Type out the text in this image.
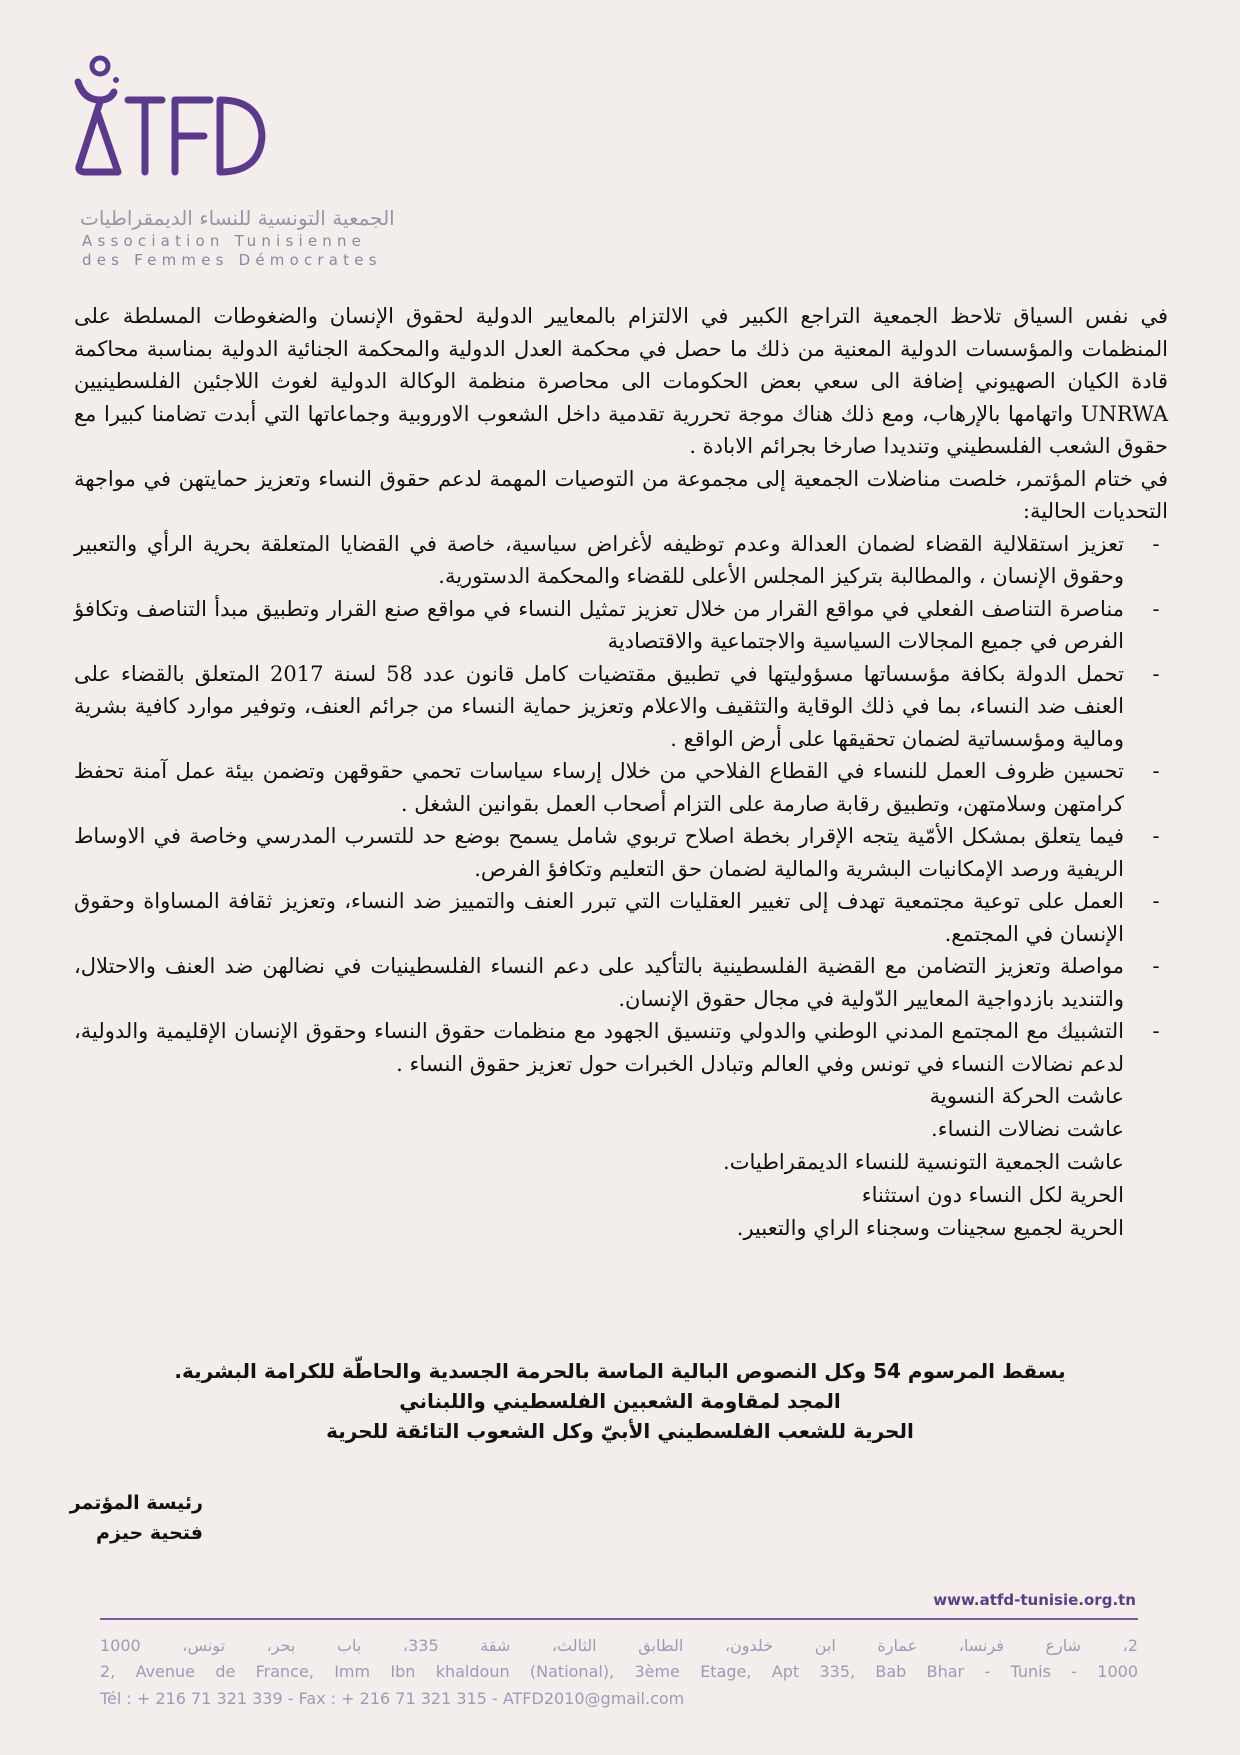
الجمعية التونسية للنساء الديمقراطيات
Association Tunisienne
des Femmes Démocrates

في نفس السياق تلاحظ الجمعية التراجع الكبير في الالتزام بالمعايير الدولية لحقوق الإنسان والضغوطات المسلطة على المنظمات والمؤسسات الدولية المعنية من ذلك ما حصل في محكمة العدل الدولية والمحكمة الجنائية الدولية بمناسبة محاكمة قادة الكيان الصهيوني إضافة الى سعي بعض الحكومات الى محاصرة منظمة الوكالة الدولية لغوث اللاجئين الفلسطينيين UNRWA واتهامها بالإرهاب، ومع ذلك هناك موجة تحررية تقدمية داخل الشعوب الاوروبية وجماعاتها التي أبدت تضامنا كبيرا مع حقوق الشعب الفلسطيني وتنديدا صارخا بجرائم الابادة .

في ختام المؤتمر، خلصت مناضلات الجمعية إلى مجموعة من التوصيات المهمة لدعم حقوق النساء وتعزيز حمايتهن في مواجهة التحديات الحالية:

-
تعزيز استقلالية القضاء لضمان العدالة وعدم توظيفه لأغراض سياسية، خاصة في القضايا المتعلقة بحرية الرأي والتعبير وحقوق الإنسان ، والمطالبة بتركيز المجلس الأعلى للقضاء والمحكمة الدستورية.
-
مناصرة التناصف الفعلي في مواقع القرار من خلال تعزيز تمثيل النساء في مواقع صنع القرار وتطبيق مبدأ التناصف وتكافؤ الفرص في جميع المجالات السياسية والاجتماعية والاقتصادية
-
تحمل الدولة بكافة مؤسساتها مسؤوليتها في تطبيق مقتضيات كامل قانون عدد 58 لسنة 2017 المتعلق بالقضاء على العنف ضد النساء، بما في ذلك الوقاية والتثقيف والاعلام وتعزيز حماية النساء من جرائم العنف، وتوفير موارد كافية بشرية ومالية ومؤسساتية لضمان تحقيقها على أرض الواقع .
-
تحسين ظروف العمل للنساء في القطاع الفلاحي من خلال إرساء سياسات تحمي حقوقهن وتضمن بيئة عمل آمنة تحفظ كرامتهن وسلامتهن، وتطبيق رقابة صارمة على التزام أصحاب العمل بقوانين الشغل .
-
فيما يتعلق بمشكل الأمّية يتجه الإقرار بخطة اصلاح تربوي شامل يسمح بوضع حد للتسرب المدرسي وخاصة في الاوساط الريفية ورصد الإمكانيات البشرية والمالية لضمان حق التعليم وتكافؤ الفرص.
-
العمل على توعية مجتمعية تهدف إلى تغيير العقليات التي تبرر العنف والتمييز ضد النساء، وتعزيز ثقافة المساواة وحقوق الإنسان في المجتمع.
-
مواصلة وتعزيز التضامن مع القضية الفلسطينية بالتأكيد على دعم النساء الفلسطينيات في نضالهن ضد العنف والاحتلال، والتنديد بازدواجية المعايير الدّولية في مجال حقوق الإنسان.
-
التشبيك مع المجتمع المدني الوطني والدولي وتنسيق الجهود مع منظمات حقوق النساء وحقوق الإنسان الإقليمية والدولية، لدعم نضالات النساء في تونس وفي العالم وتبادل الخبرات حول تعزيز حقوق النساء .
عاشت الحركة النسوية
عاشت نضالات النساء.
عاشت الجمعية التونسية للنساء الديمقراطيات.
الحرية لكل النساء دون استثناء
الحرية لجميع سجينات وسجناء الراي والتعبير.
يسقط المرسوم 54 وكل النصوص البالية الماسة بالحرمة الجسدية والحاطّة للكرامة البشرية.
المجد لمقاومة الشعبين الفلسطيني واللبناني
الحرية للشعب الفلسطيني الأبيّ وكل الشعوب التائقة للحرية
رئيسة المؤتمر
فتحية حيزم
www.atfd-tunisie.org.tn
2، شارع فرنسا، عمارة ابن خلدون، الطابق الثالث، شقة 335، باب بحر، تونس، 1000
2, Avenue de France, Imm Ibn khaldoun (National), 3ème Etage, Apt 335, Bab Bhar - Tunis - 1000
Tél : + 216 71 321 339 - Fax : + 216 71 321 315 - ATFD2010@gmail.com
